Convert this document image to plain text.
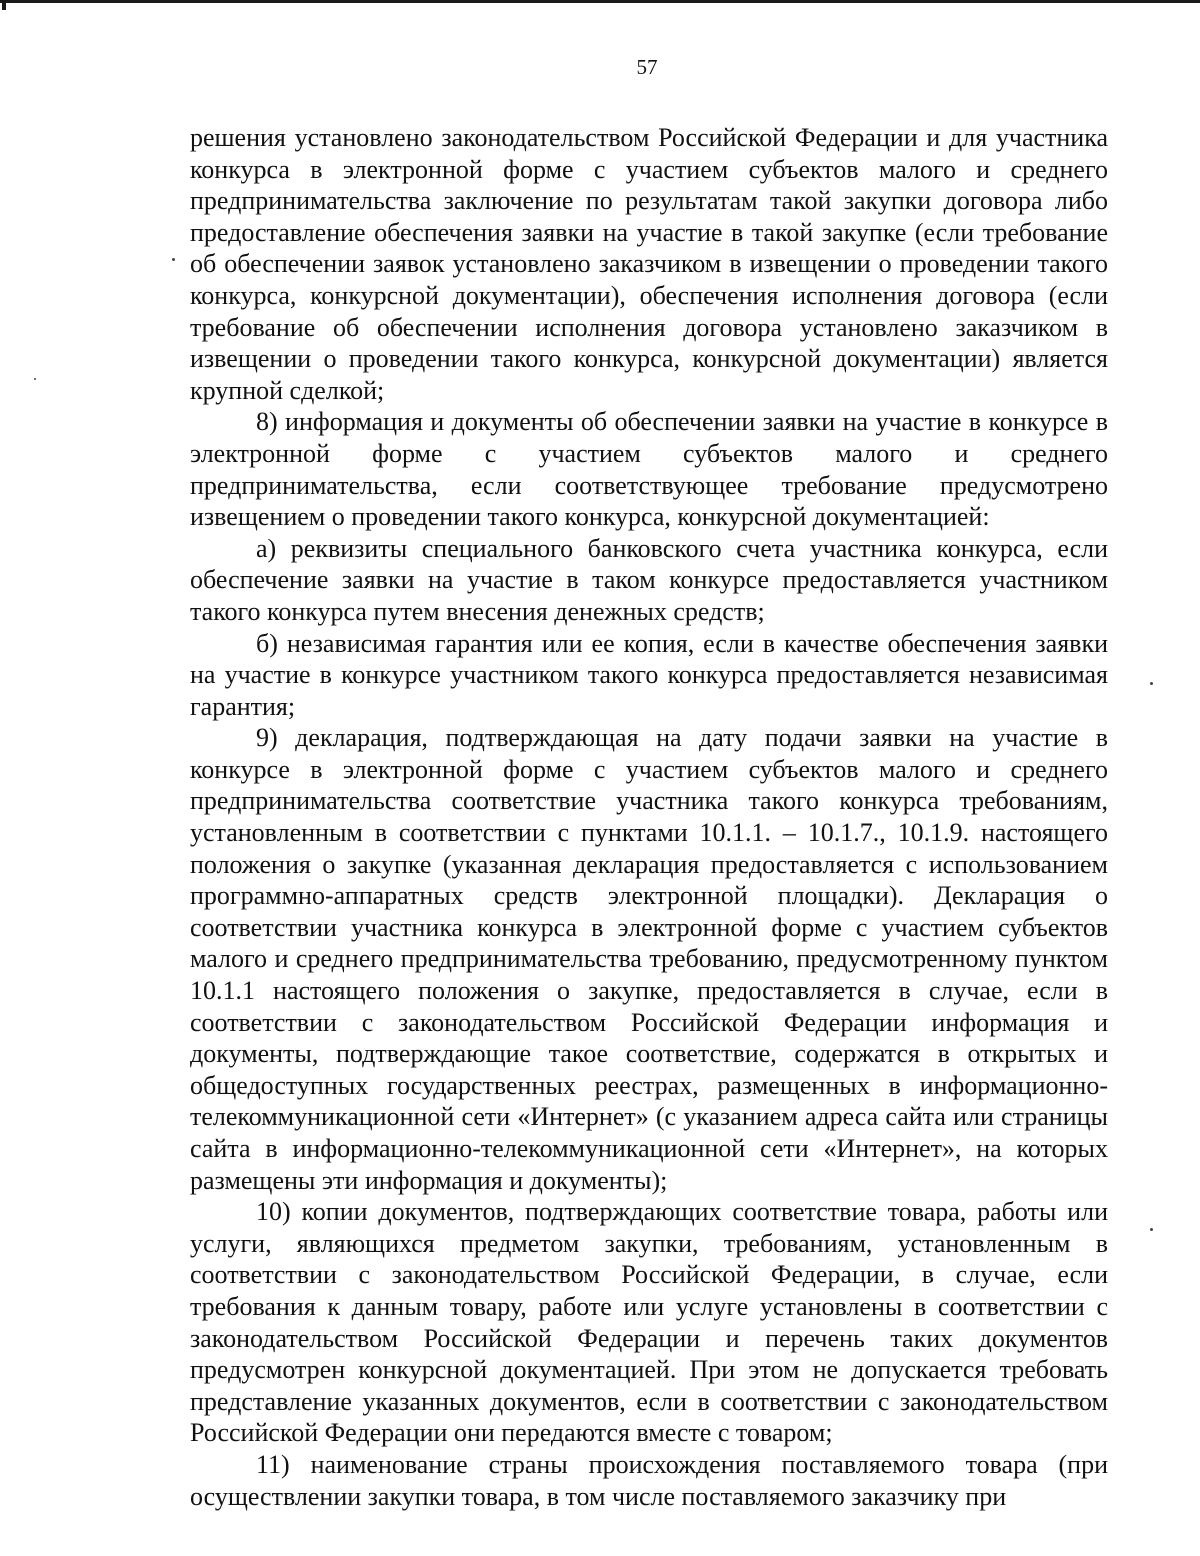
57

решения установлено законодательством Российской Федерации и для участника конкурса в электронной форме с участием субъектов малого и среднего предпринимательства заключение по результатам такой закупки договора либо предоставление обеспечения заявки на участие в такой закупке (если требование об обеспечении заявок установлено заказчиком в извещении о проведении такого конкурса, конкурсной документации), обеспечения исполнения договора (если требование об обеспечении исполнения договора установлено заказчиком в извещении о проведении такого конкурса, конкурсной документации) является крупной сделкой;

8) информация и документы об обеспечении заявки на участие в конкурсе в электронной форме с участием субъектов малого и среднего предпринимательства, если соответствующее требование предусмотрено извещением о проведении такого конкурса, конкурсной документацией:

а) реквизиты специального банковского счета участника конкурса, если обеспечение заявки на участие в таком конкурсе предоставляется участником такого конкурса путем внесения денежных средств;

б) независимая гарантия или ее копия, если в качестве обеспечения заявки на участие в конкурсе участником такого конкурса предоставляется независимая гарантия;

9) декларация, подтверждающая на дату подачи заявки на участие в конкурсе в электронной форме с участием субъектов малого и среднего предпринимательства соответствие участника такого конкурса требованиям, установленным в соответствии с пунктами 10.1.1. – 10.1.7., 10.1.9. настоящего положения о закупке (указанная декларация предоставляется с использованием программно-аппаратных средств электронной площадки). Декларация о соответствии участника конкурса в электронной форме с участием субъектов малого и среднего предпринимательства требованию, предусмотренному пунктом 10.1.1 настоящего положения о закупке, предоставляется в случае, если в соответствии с законодательством Российской Федерации информация и документы, подтверждающие такое соответствие, содержатся в открытых и общедоступных государственных реестрах, размещенных в информационно-телекоммуникационной сети «Интернет» (с указанием адреса сайта или страницы сайта в информационно-телекоммуникационной сети «Интернет», на которых размещены эти информация и документы);

10) копии документов, подтверждающих соответствие товара, работы или услуги, являющихся предметом закупки, требованиям, установленным в соответствии с законодательством Российской Федерации, в случае, если требования к данным товару, работе или услуге установлены в соответствии с законодательством Российской Федерации и перечень таких документов предусмотрен конкурсной документацией. При этом не допускается требовать представление указанных документов, если в соответствии с законодательством Российской Федерации они передаются вместе с товаром;

11) наименование страны происхождения поставляемого товара (при осуществлении закупки товара, в том числе поставляемого заказчику при
